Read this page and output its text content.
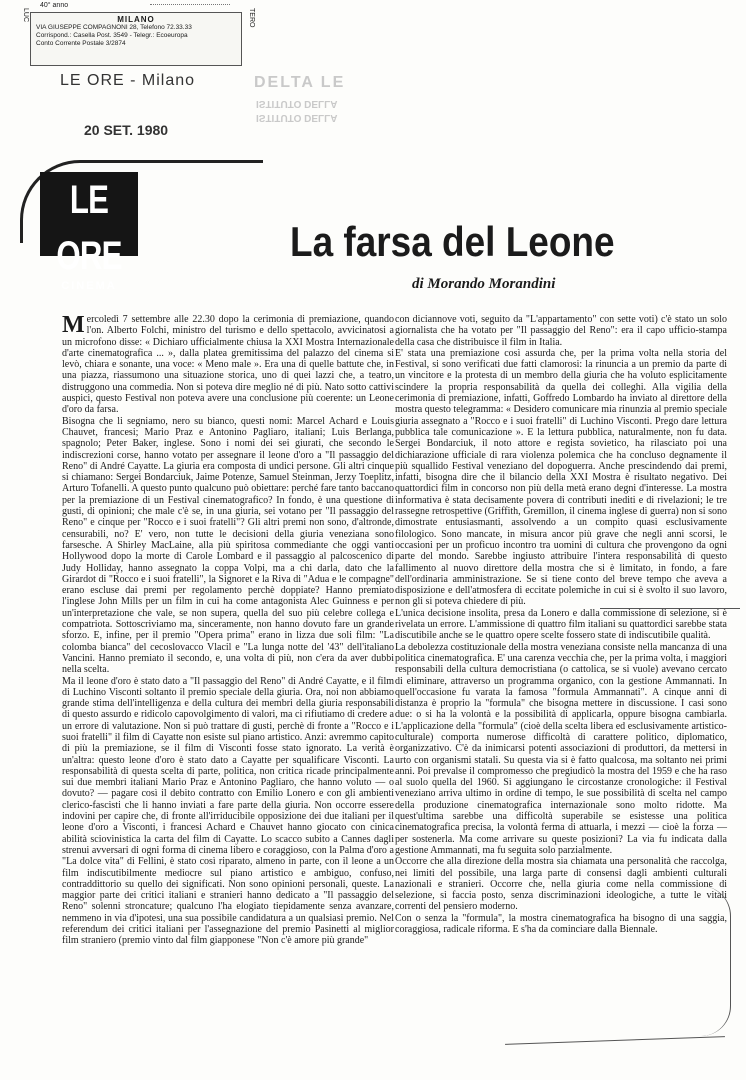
40° anno
LUC	TERO
MILANO
VIA GIUSEPPE COMPAGNONI 28, Telefono 72.33.33
Corrispond.: Casella Post. 3549 - Telegr.: Ecoeuropa
Conto Corrente Postale 3/2874
LE ORE - Milano	DELTA LE
ISTITUTO DELLA
ISTITUTO DELLA
20 SET. 1980
LE ORE
CINEMA
La farsa del Leone
di Morando Morandini

Mercoledì 7 settembre alle 22.30 dopo la cerimonia di premiazione, quando l'on. Alberto Folchi, ministro del turismo e dello spettacolo, avvicinatosi a un microfono disse: « Dichiaro ufficialmente chiusa la XXI Mostra Internazionale d'arte cinematografica ... », dalla platea gremitissima del palazzo del cinema si levò, chiara e sonante, una voce: « Meno male ». Era una di quelle battute che, in una piazza, riassumono una situazione storica, uno di quei lazzi che, a teatro, distruggono una commedia. Non si poteva dire meglio né di più. Nato sotto cattivi auspici, questo Festival non poteva avere una conclusione più coerente: un Leone d'oro da farsa.

Bisogna che li segniamo, nero su bianco, questi nomi: Marcel Achard e Louis Chauvet, francesi; Mario Praz e Antonino Pagliaro, italiani; Luis Berlanga, spagnolo; Peter Baker, inglese. Sono i nomi dei sei giurati, che secondo le indiscrezioni corse, hanno votato per assegnare il leone d'oro a "Il passaggio del Reno" di André Cayatte. La giuria era composta di undici persone. Gli altri cinque si chiamano: Sergei Bondarciuk, Jaime Potenze, Samuel Steinman, Jerzy Toeplitz, Arturo Tofanelli. A questo punto qualcuno può obiettare: perché fare tanto baccano per la premiazione di un Festival cinematografico? In fondo, è una questione di gusti, di opinioni; che male c'è se, in una giuria, sei votano per "Il passaggio del Reno" e cinque per "Rocco e i suoi fratelli"? Gli altri premi non sono, d'altronde, censurabili, no? E' vero, non tutte le decisioni della giuria veneziana sono farsesche. A Shirley MacLaine, alla più spiritosa commediante che oggi vanti Hollywood dopo la morte di Carole Lombard e il passaggio al palcoscenico di Judy Holliday, hanno assegnato la coppa Volpi, ma a chi darla, dato che la Girardot di "Rocco e i suoi fratelli", la Signoret e la Riva di "Adua e le compagne" erano escluse dai premi per regolamento perchè doppiate? Hanno premiato l'inglese John Mills per un film in cui ha come antagonista Alec Guinness e per un'interpretazione che vale, se non supera, quella del suo più celebre collega e compatriota. Sottoscriviamo ma, sinceramente, non hanno dovuto fare un grande sforzo. E, infine, per il premio "Opera prima" erano in lizza due soli film: "La colomba bianca" del cecoslovacco Vlacil e "La lunga notte del '43" dell'italiano Vancini. Hanno premiato il secondo, e, una volta di più, non c'era da aver dubbi nella scelta.

Ma il leone d'oro è stato dato a "Il passaggio del Reno" di André Cayatte, e il film di Luchino Visconti soltanto il premio speciale della giuria. Ora, noi non abbiamo grande stima dell'intelligenza e della cultura dei membri della giuria responsabili di questo assurdo e ridicolo capovolgimento di valori, ma ci rifiutiamo di credere a un errore di valutazione. Non si può trattare di gusti, perchè di fronte a "Rocco e i suoi fratelli" il film di Cayatte non esiste sul piano artistico. Anzi: avremmo capito di più la premiazione, se il film di Visconti fosse stato ignorato. La verità è un'altra: questo leone d'oro è stato dato a Cayatte per squalificare Visconti. La responsabilità di questa scelta di parte, politica, non critica ricade principalmente sui due membri italiani Mario Praz e Antonino Pagliaro, che hanno voluto — o dovuto? — pagare così il debito contratto con Emilio Lonero e con gli ambienti clerico-fascisti che li hanno inviati a fare parte della giuria. Non occorre essere indovini per capire che, di fronte all'irriducibile opposizione dei due italiani per il leone d'oro a Visconti, i francesi Achard e Chauvet hanno giocato con cinica abilità sciovinistica la carta del film di Cayatte. Lo scacco subito a Cannes dagli strenui avversari di ogni forma di cinema libero e coraggioso, con la Palma d'oro a "La dolce vita" di Fellini, è stato così riparato, almeno in parte, con il leone a un film indiscutibilmente mediocre sul piano artistico e ambiguo, confuso, contraddittorio su quello dei significati. Non sono opinioni personali, queste. La maggior parte dei critici italiani e stranieri hanno dedicato a "Il passaggio del Reno" solenni stroncature; qualcuno l'ha elogiato tiepidamente senza avanzare, nemmeno in via d'ipotesi, una sua possibile candidatura a un qualsiasi premio. Nel referendum dei critici italiani per l'assegnazione del premio Pasinetti al miglior film straniero (premio vinto dal film giapponese "Non c'è amore più grande"

con diciannove voti, seguito da "L'appartamento" con sette voti) c'è stato un solo giornalista che ha votato per "Il passaggio del Reno": era il capo ufficio-stampa della casa che distribuisce il film in Italia.

E' stata una premiazione così assurda che, per la prima volta nella storia del Festival, si sono verificati due fatti clamorosi: la rinuncia a un premio da parte di un vincitore e la protesta di un membro della giuria che ha voluto esplicitamente scindere la propria responsabilità da quella dei colleghi. Alla vigilia della cerimonia di premiazione, infatti, Goffredo Lombardo ha inviato al direttore della mostra questo telegramma: « Desidero comunicare mia rinunzia al premio speciale giuria assegnato a "Rocco e i suoi fratelli" di Luchino Visconti. Prego dare lettura pubblica tale comunicazione ». E la lettura pubblica, naturalmente, non fu data. Sergei Bondarciuk, il noto attore e regista sovietico, ha rilasciato poi una dichiarazione ufficiale di rara violenza polemica che ha concluso degnamente il più squallido Festival veneziano del dopoguerra. Anche prescindendo dai premi, infatti, bisogna dire che il bilancio della XXI Mostra è risultato negativo. Dei quattordici film in concorso non più della metà erano degni d'interesse. La mostra informativa è stata decisamente povera di contributi inediti e di rivelazioni; le tre rassegne retrospettive (Griffith, Gremillon, il cinema inglese di guerra) non si sono dimostrate entusiasmanti, assolvendo a un compito quasi esclusivamente filologico. Sono mancate, in misura ancor più grave che negli anni scorsi, le occasioni per un proficuo incontro tra uomini di cultura che provengono da ogni parte del mondo. Sarebbe ingiusto attribuire l'intera responsabilità di questo fallimento al nuovo direttore della mostra che si è limitato, in fondo, a fare dell'ordinaria amministrazione. Se si tiene conto del breve tempo che aveva a disposizione e dell'atmosfera di eccitate polemiche in cui si è svolto il suo lavoro, non gli si poteva chiedere di più.

L'unica decisione insolita, presa da Lonero e dalla commissione di selezione, si è rivelata un errore. L'ammissione di quattro film italiani su quattordici sarebbe stata discutibile anche se le quattro opere scelte fossero state di indiscutibile qualità.

La debolezza costituzionale della mostra veneziana consiste nella mancanza di una politica cinematografica. E' una carenza vecchia che, per la prima volta, i maggiori responsabili della cultura democristiana (o cattolica, se si vuole) avevano cercato di eliminare, attraverso un programma organico, con la gestione Ammannati. In quell'occasione fu varata la famosa "formula Ammannati". A cinque anni di distanza è proprio la "formula" che bisogna mettere in discussione. I casi sono due: o si ha la volontà e la possibilità di applicarla, oppure bisogna cambiarla. L'applicazione della "formula" (cioè della scelta libera ed esclusivamente artistico-culturale) comporta numerose difficoltà di carattere politico, diplomatico, organizzativo. C'è da inimicarsi potenti associazioni di produttori, da mettersi in urto con organismi statali. Su questa via si è fatto qualcosa, ma soltanto nei primi anni. Poi prevalse il compromesso che pregiudicò la mostra del 1959 e che ha raso al suolo quella del 1960. Si aggiungano le circostanze cronologiche: il Festival veneziano arriva ultimo in ordine di tempo, le sue possibilità di scelta nel campo della produzione cinematografica internazionale sono molto ridotte. Ma quest'ultima sarebbe una difficoltà superabile se esistesse una politica cinematografica precisa, la volontà ferma di attuarla, i mezzi — cioè la forza — per sostenerla. Ma come arrivare su queste posizioni? La via fu indicata dalla gestione Ammannati, ma fu seguita solo parzialmente.

Occorre che alla direzione della mostra sia chiamata una personalità che raccolga, nei limiti del possibile, una larga parte di consensi dagli ambienti culturali nazionali e stranieri. Occorre che, nella giuria come nella commissione di selezione, si faccia posto, senza discriminazioni ideologiche, a tutte le vitali correnti del pensiero moderno.

Con o senza la "formula", la mostra cinematografica ha bisogno di una saggia, coraggiosa, radicale riforma. E s'ha da cominciare dalla Biennale.
